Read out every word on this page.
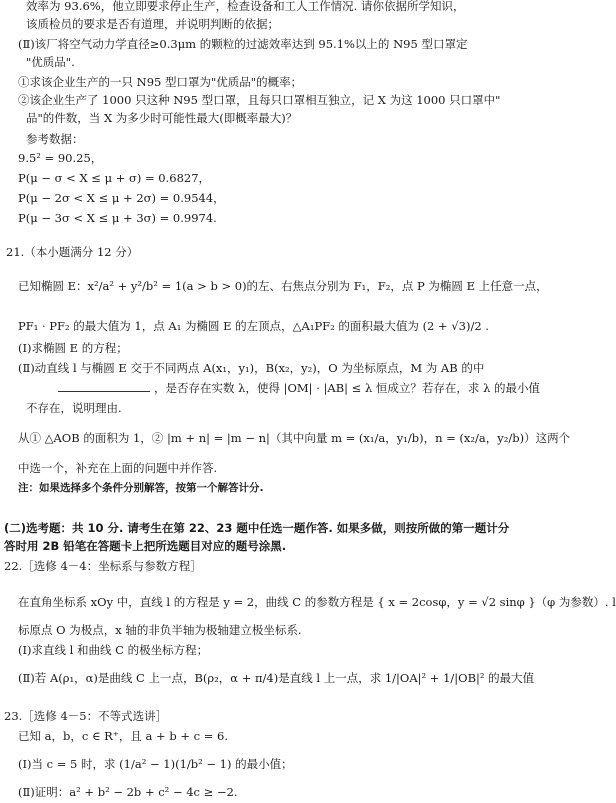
效率为 93.6%，他立即要求停止生产，检查设备和工人工作情况. 请你依据所学知识，
该质检员的要求是否有道理，并说明判断的依据；
(Ⅱ)该厂将空气动力学直径≥0.3μm 的颗粒的过滤效率达到 95.1%以上的 N95 型口罩定
"优质品".
①求该企业生产的一只 N95 型口罩为"优质品"的概率；
②该企业生产了 1000 只这种 N95 型口罩，且每只口罩相互独立，记 X 为这 1000 只口罩中"
品"的件数，当 X 为多少时可能性最大(即概率最大)？
参考数据：
9.5² = 90.25，
P(μ − σ < X ≤ μ + σ) = 0.6827，
P(μ − 2σ < X ≤ μ + 2σ) = 0.9544，
P(μ − 3σ < X ≤ μ + 3σ) = 0.9974.
21.（本小题满分 12 分）
已知椭圆 E：x²/a² + y²/b² = 1(a > b > 0)的左、右焦点分别为 F₁，F₂，点 P 为椭圆 E 上任意一点，
PF₁ · PF₂ 的最大值为 1，点 A₁ 为椭圆 E 的左顶点，△A₁PF₂ 的面积最大值为 (2 + √3)/2 .
(Ⅰ)求椭圆 E 的方程；
(Ⅱ)动直线 l 与椭圆 E 交于不同两点 A(x₁，y₁)，B(x₂，y₂)，O 为坐标原点，M 为 AB 的中
，是否存在实数 λ，使得 |OM| · |AB| ≤ λ 恒成立？若存在，求 λ 的最小值
不存在，说明理由.
从① △AOB 的面积为 1，② |m + n| = |m − n|（其中向量 m = (x₁/a，y₁/b)，n = (x₂/a，y₂/b)）这两个
中选一个，补充在上面的问题中并作答.
注：如果选择多个条件分别解答，按第一个解答计分.
(二)选考题：共 10 分. 请考生在第 22、23 题中任选一题作答. 如果多做，则按所做的第一题计分
答时用 2B 铅笔在答题卡上把所选题目对应的题号涂黑.
22.［选修 4－4：坐标系与参数方程］
在直角坐标系 xOy 中，直线 l 的方程是 y = 2，曲线 C 的参数方程是 { x = 2cosφ，y = √2 sinφ }（φ 为参数）. l
标原点 O 为极点，x 轴的非负半轴为极轴建立极坐标系.
(Ⅰ)求直线 l 和曲线 C 的极坐标方程；
(Ⅱ)若 A(ρ₁，α)是曲线 C 上一点，B(ρ₂，α + π/4)是直线 l 上一点，求 1/|OA|² + 1/|OB|² 的最大值
23.［选修 4－5：不等式选讲］
已知 a，b，c ∈ R⁺，且 a + b + c = 6.
(Ⅰ)当 c = 5 时，求 (1/a² − 1)(1/b² − 1) 的最小值；
(Ⅱ)证明：a² + b² − 2b + c² − 4c ≥ −2.
